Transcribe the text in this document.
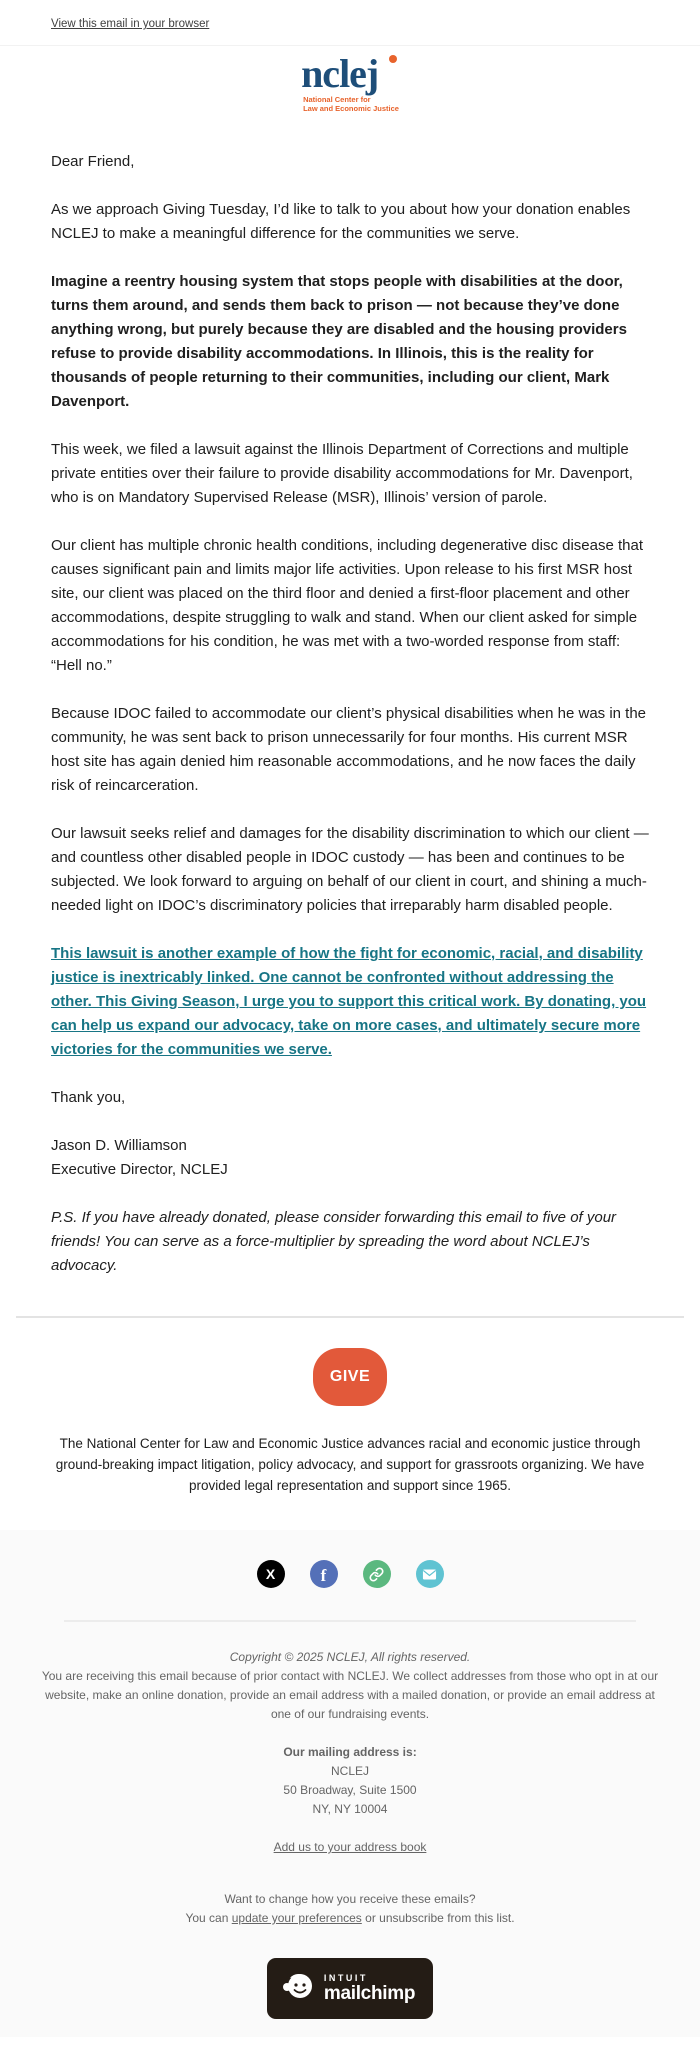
View this email in your browser
nclej
National Center for
Law and Economic Justice

Dear Friend,

As we approach Giving Tuesday, I’d like to talk to you about how your donation enables NCLEJ to make a meaningful difference for the communities we serve.

Imagine a reentry housing system that stops people with disabilities at the door, turns them around, and sends them back to prison — not because they’ve done anything wrong, but purely because they are disabled and the housing providers refuse to provide disability accommodations. In Illinois, this is the reality for thousands of people returning to their communities, including our client, Mark Davenport.

This week, we filed a lawsuit against the Illinois Department of Corrections and multiple private entities over their failure to provide disability accommodations for Mr. Davenport, who is on Mandatory Supervised Release (MSR), Illinois’ version of parole.

Our client has multiple chronic health conditions, including degenerative disc disease that causes significant pain and limits major life activities. Upon release to his first MSR host site, our client was placed on the third floor and denied a first-floor placement and other accommodations, despite struggling to walk and stand. When our client asked for simple accommodations for his condition, he was met with a two-worded response from staff: “Hell no.”

Because IDOC failed to accommodate our client’s physical disabilities when he was in the community, he was sent back to prison unnecessarily for four months. His current MSR host site has again denied him reasonable accommodations, and he now faces the daily risk of reincarceration.

Our lawsuit seeks relief and damages for the disability discrimination to which our client — and countless other disabled people in IDOC custody — has been and continues to be subjected. We look forward to arguing on behalf of our client in court, and shining a much-needed light on IDOC’s discriminatory policies that irreparably harm disabled people.

This lawsuit is another example of how the fight for economic, racial, and disability justice is inextricably linked. One cannot be confronted without addressing the other. This Giving Season, I urge you to support this critical work. By donating, you can help us expand our advocacy, take on more cases, and ultimately secure more victories for the communities we serve.

Thank you,

Jason D. Williamson
Executive Director, NCLEJ

P.S. If you have already donated, please consider forwarding this email to five of your friends! You can serve as a force-multiplier by spreading the word about NCLEJ’s advocacy.

GIVE
The National Center for Law and Economic Justice advances racial and economic justice through ground-breaking impact litigation, policy advocacy, and support for grassroots organizing. We have provided legal representation and support since 1965.
X	f
Copyright © 2025 NCLEJ, All rights reserved.
You are receiving this email because of prior contact with NCLEJ. We collect addresses from those who opt in at our website, make an online donation, provide an email address with a mailed donation, or provide an email address at one of our fundraising events.
Our mailing address is:
NCLEJ
50 Broadway, Suite 1500
NY, NY 10004
Add us to your address book
Want to change how you receive these emails?
You can update your preferences or unsubscribe from this list.
INTUIT
mailchimp
